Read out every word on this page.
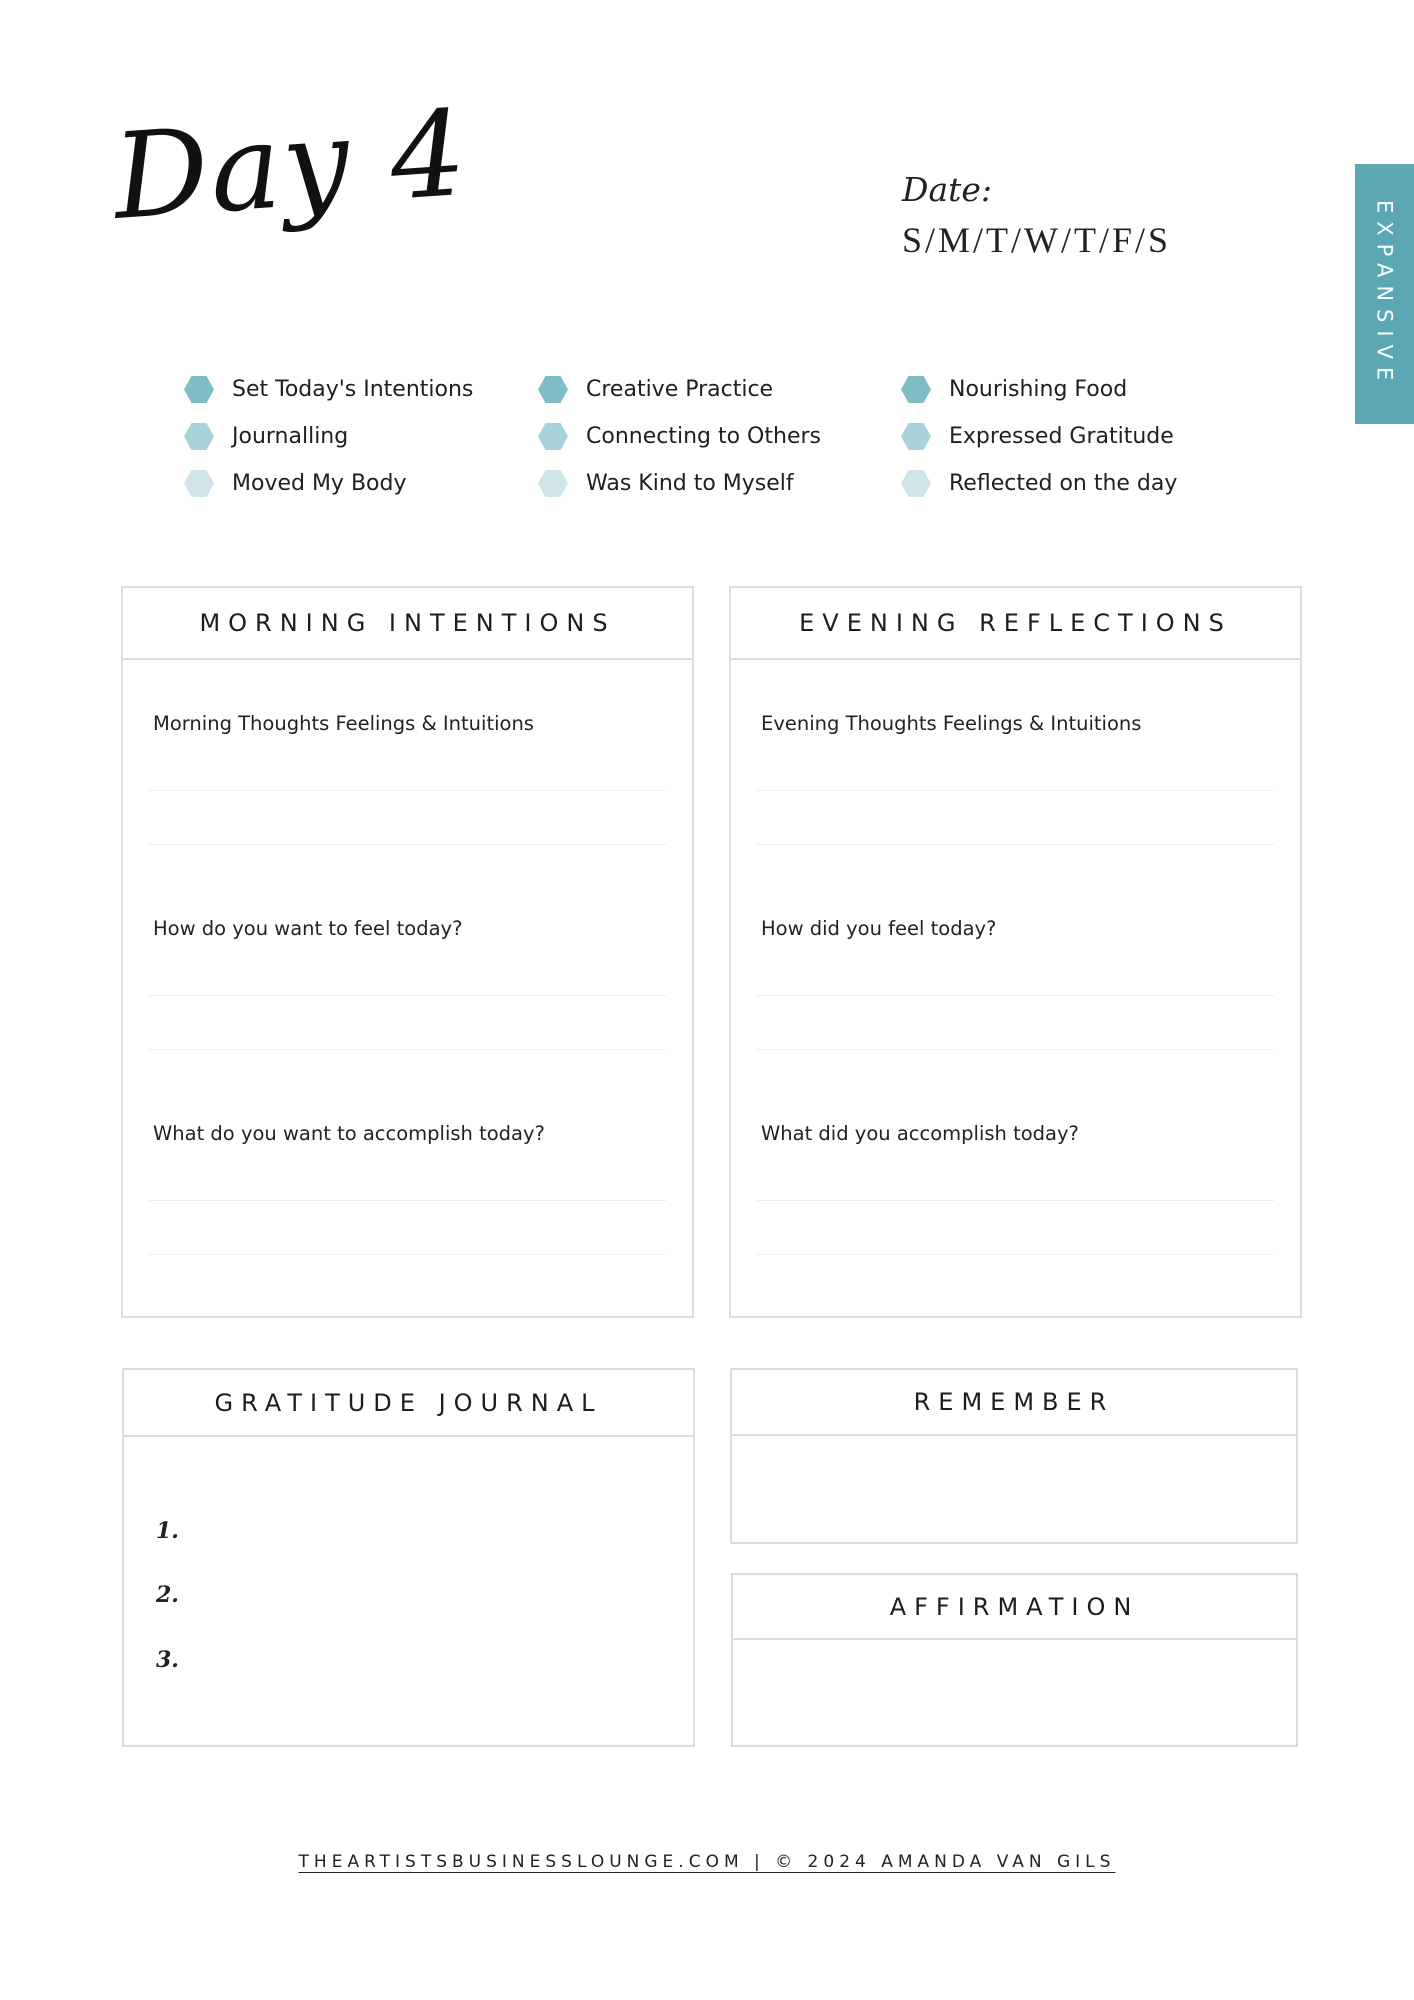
Day 4	Date:
S/M/T/W/T/F/S	EXPANSIVE
Set Today's Intentions
Journalling
Moved My Body
Creative Practice
Connecting to Others
Was Kind to Myself
Nourishing Food
Expressed Gratitude
Reflected on the day
MORNING INTENTIONS
Morning Thoughts Feelings & Intuitions
How do you want to feel today?
What do you want to accomplish today?
EVENING REFLECTIONS
Evening Thoughts Feelings & Intuitions
How did you feel today?
What did you accomplish today?
GRATITUDE JOURNAL
1.
2.
3.
REMEMBER
AFFIRMATION
THEARTISTSBUSINESSLOUNGE.COM | © 2024 AMANDA VAN GILS
